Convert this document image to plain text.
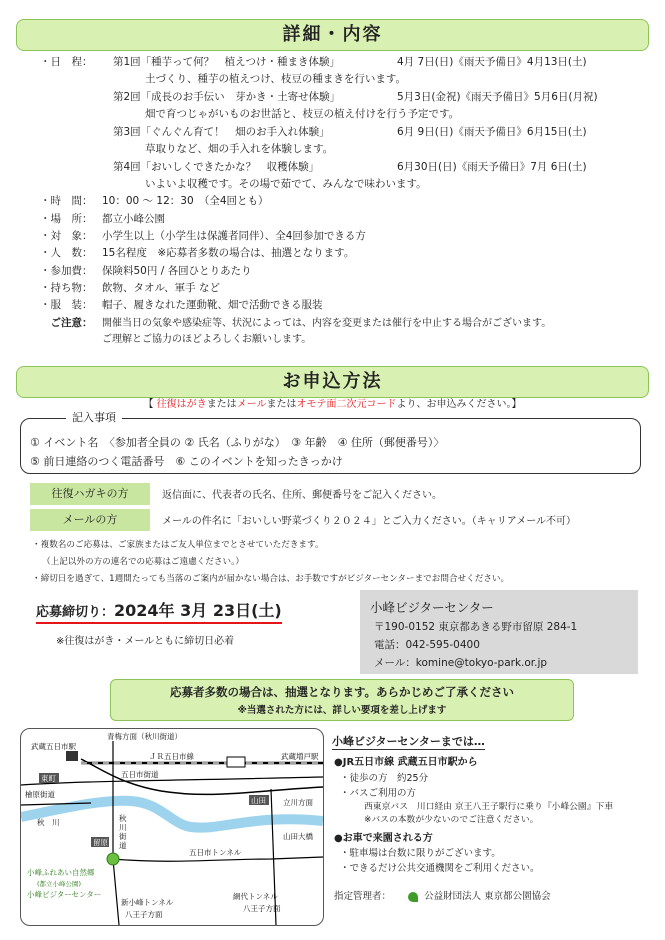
詳細・内容
・日　程： 第1回「種芋って何？　植えつけ・種まき体験」	4月 7日(日)《雨天予備日》4月13日(土)
土づくり、種芋の植えつけ、枝豆の種まきを行います。
第2回「成長のお手伝い　芽かき・土寄せ体験」	5月3日(金祝)《雨天予備日》5月6日(月祝)
畑で育つじゃがいものお世話と、枝豆の植え付けを行う予定です。
第3回「ぐんぐん育て！　畑のお手入れ体験」	6月 9日(日)《雨天予備日》6月15日(土)
草取りなど、畑の手入れを体験します。
第4回「おいしくできたかな？　収穫体験」	6月30日(日)《雨天予備日》7月 6日(土)
いよいよ収穫です。その場で茹でて、みんなで味わいます。
・時　間： 10：00 ～ 12：30　（全4回とも）
・場　所： 都立小峰公園
・対　象： 小学生以上（小学生は保護者同伴）、全4回参加できる方
・人　数： 15名程度　※応募者多数の場合は、抽選となります。
・参加費： 保険料50円 / 各回ひとりあたり
・持ち物： 飲物、タオル、軍手 など
・服　装： 帽子、履きなれた運動靴、畑で活動できる服装
　ご注意： 開催当日の気象や感染症等、状況によっては、内容を変更または催行を中止する場合がございます。
ご理解とご協力のほどよろしくお願いします。
お申込方法
【 往復はがきまたはメールまたはオモテ面二次元コードより、お申込みください。】
記入事項
① イベント名　〈参加者全員の ② 氏名（ふりがな）　③ 年齢　④ 住所（郵便番号）〉
⑤ 前日連絡のつく電話番号　⑥ このイベントを知ったきっかけ
往復ハガキの方	返信面に、代表者の氏名、住所、郵便番号をご記入ください。
メールの方	メールの件名に「おいしい野菜づくり２０２４」とご入力ください。（キャリアメール不可）
・複数名のご応募は、ご家族またはご友人単位までとさせていただきます。
（上記以外の方の連名での応募はご遠慮ください。）
・締切日を過ぎて、1週間たっても当落のご案内が届かない場合は、お手数ですがビジターセンターまでお問合せください。
応募締切り：2024年 3月 23日(土)
※往復はがき・メールともに締切日必着
小峰ビジターセンター
〒190-0152 東京都あきる野市留原 284-1
電話：042-595-0400
メール：komine@tokyo-park.or.jp
応募者多数の場合は、抽選となります。あらかじめご了承ください
※当選された方には、詳しい要項を差し上げます
青梅方面（秋川街道）
武蔵五日市駅
ＪＲ五日市線	武蔵増戸駅
五日市街道
東町
檜原街道
秋　川	秋川街道
山田 立川方面
山田大橋
留原
五日市トンネル
小峰ふれあい自然郷
(都立小峰公園)
小峰ビジターセンター
新小峰トンネル
八王子方面
網代トンネル
八王子方面
小峰ビジターセンターまでは…
●JR五日市線 武蔵五日市駅から
・徒歩の方　約25分
・バスご利用の方
西東京バス　川口経由 京王八王子駅行に乗り『小峰公園』下車
※バスの本数が少ないのでご注意ください。
●お車で来園される方
・駐車場は台数に限りがございます。
・できるだけ公共交通機関をご利用ください。
指定管理者：	公益財団法人 東京都公園協会
